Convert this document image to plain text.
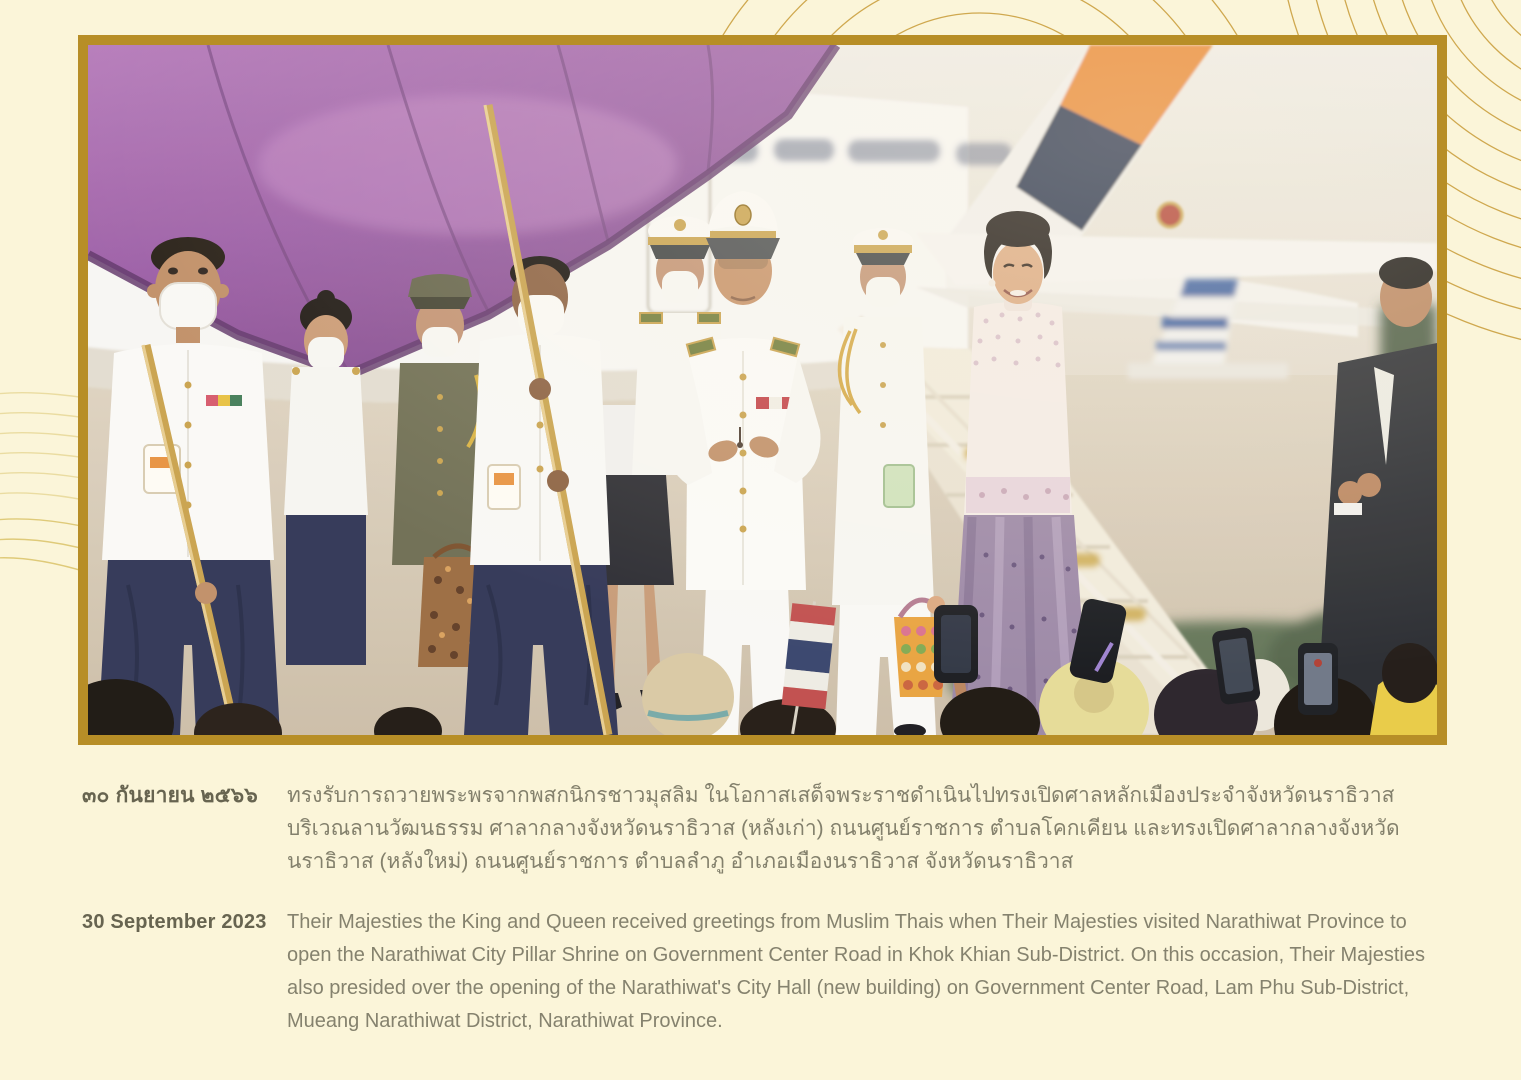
๓๐ กันยายน ๒๕๖๖	ทรงรับการถวายพระพรจากพสกนิกรชาวมุสลิม ในโอกาสเสด็จพระราชดำเนินไปทรงเปิดศาลหลักเมืองประจำจังหวัดนราธิวาส บริเวณลานวัฒนธรรม ศาลากลางจังหวัดนราธิวาส (หลังเก่า) ถนนศูนย์ราชการ ตำบลโคกเคียน และทรงเปิดศาลากลางจังหวัดนราธิวาส (หลังใหม่) ถนนศูนย์ราชการ ตำบลลำภู อำเภอเมืองนราธิวาส จังหวัดนราธิวาส

30 September 2023	Their Majesties the King and Queen received greetings from Muslim Thais when Their Majesties visited Narathiwat Province to open the Narathiwat City Pillar Shrine on Government Center Road in Khok Khian Sub-District. On this occasion, Their Majesties also presided over the opening of the Narathiwat's City Hall (new building) on Government Center Road, Lam Phu Sub-District, Mueang Narathiwat District, Narathiwat Province.
